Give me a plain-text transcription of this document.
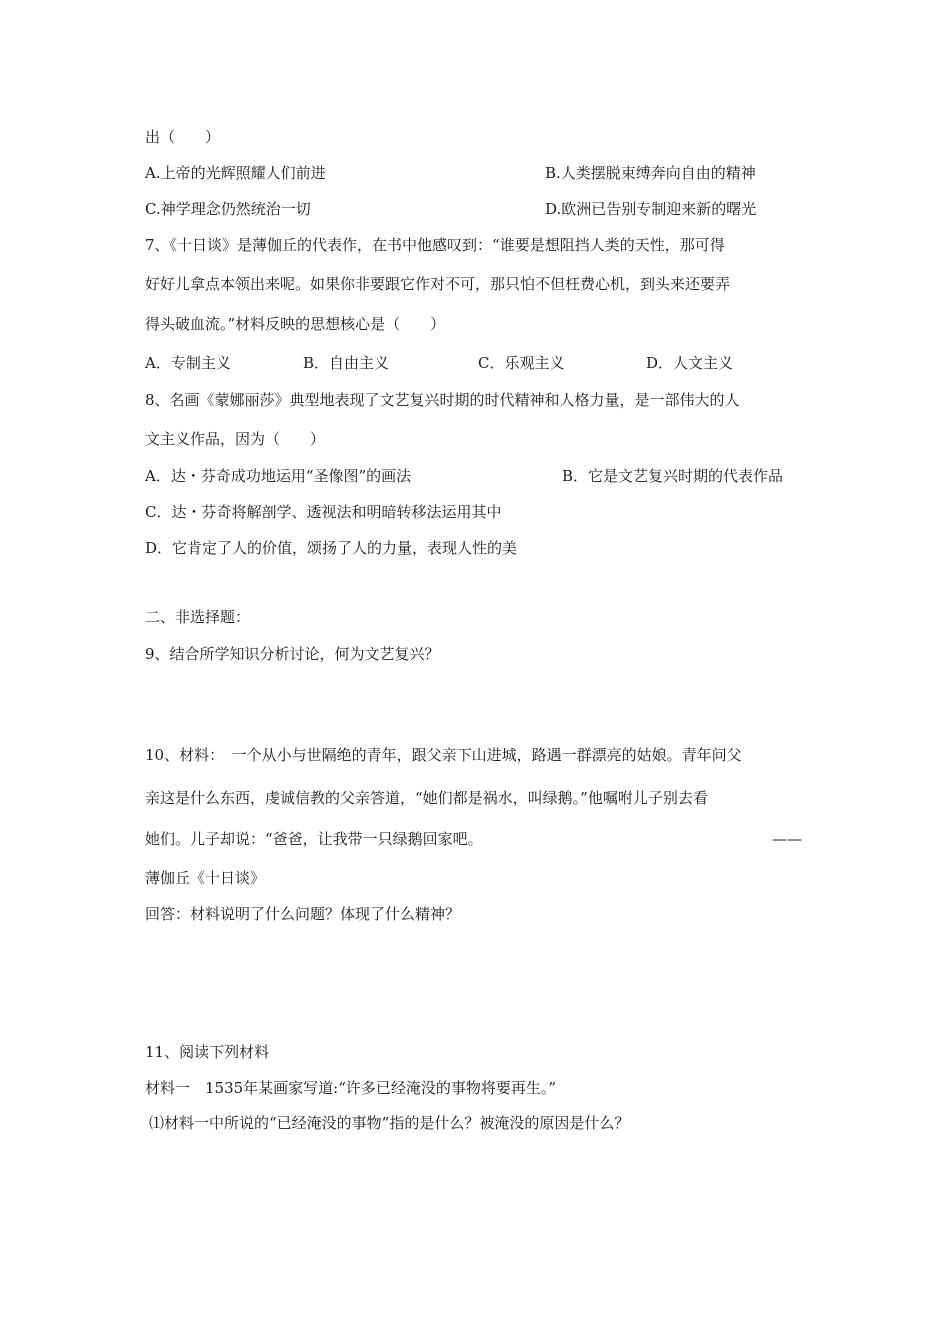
出（　　）
A.上帝的光辉照耀人们前进	B.人类摆脱束缚奔向自由的精神
C.神学理念仍然统治一切	D.欧洲已告别专制迎来新的曙光
7、《十日谈》是薄伽丘的代表作，在书中他感叹到：“谁要是想阻挡人类的天性，那可得
好好儿拿点本领出来呢。如果你非要跟它作对不可，那只怕不但枉费心机，到头来还要弄
得头破血流。”材料反映的思想核心是（　　）
A．专制主义	B．自由主义	C．乐观主义	D．人文主义
8、名画《蒙娜丽莎》典型地表现了文艺复兴时期的时代精神和人格力量，是一部伟大的人
文主义作品，因为（　　）
A．达・芬奇成功地运用“圣像图”的画法	B．它是文艺复兴时期的代表作品
C．达・芬奇将解剖学、透视法和明暗转移法运用其中
D．它肯定了人的价值，颂扬了人的力量，表现人性的美
二、非选择题：
9、结合所学知识分析讨论，何为文艺复兴？
10、材料：　一个从小与世隔绝的青年，跟父亲下山进城，路遇一群漂亮的姑娘。青年问父
亲这是什么东西，虔诚信教的父亲答道，“她们都是祸水，叫绿鹅。”他嘱咐儿子别去看
她们。儿子却说：“爸爸，让我带一只绿鹅回家吧。	——
薄伽丘《十日谈》
回答：材料说明了什么问题？体现了什么精神？
11、阅读下列材料
材料一　1535年某画家写道:“许多已经淹没的事物将要再生。”
⑴材料一中所说的“已经淹没的事物”指的是什么？被淹没的原因是什么？
